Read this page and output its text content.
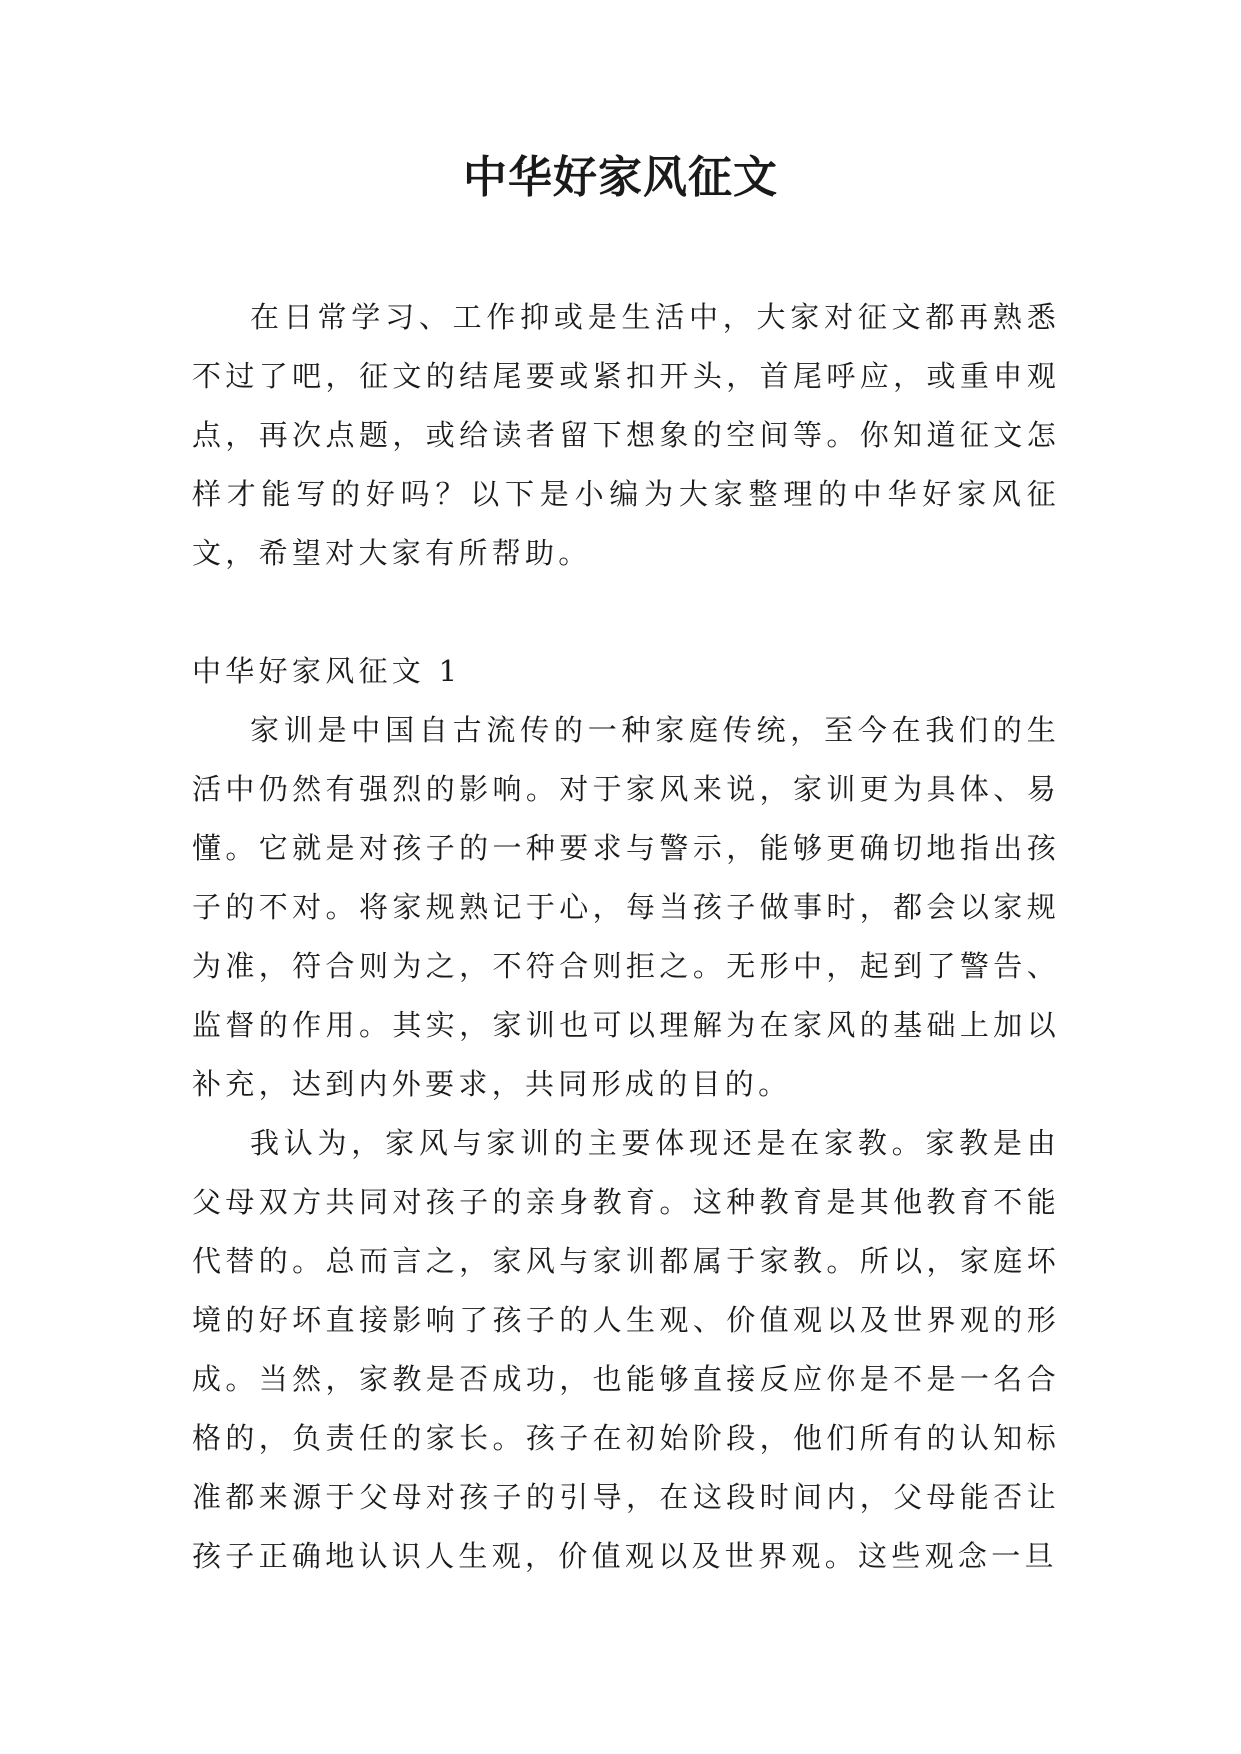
中华好家风征文

在日常学习、工作抑或是生活中，大家对征文都再熟悉不过了吧，征文的结尾要或紧扣开头，首尾呼应，或重申观点，再次点题，或给读者留下想象的空间等。你知道征文怎样才能写的好吗？以下是小编为大家整理的中华好家风征文，希望对大家有所帮助。

中华好家风征文 1

家训是中国自古流传的一种家庭传统，至今在我们的生活中仍然有强烈的影响。对于家风来说，家训更为具体、易懂。它就是对孩子的一种要求与警示，能够更确切地指出孩子的不对。将家规熟记于心，每当孩子做事时，都会以家规为准，符合则为之，不符合则拒之。无形中，起到了警告、监督的作用。其实，家训也可以理解为在家风的基础上加以补充，达到内外要求，共同形成的目的。

我认为，家风与家训的主要体现还是在家教。家教是由父母双方共同对孩子的亲身教育。这种教育是其他教育不能代替的。总而言之，家风与家训都属于家教。所以，家庭坏境的好坏直接影响了孩子的人生观、价值观以及世界观的形成。当然，家教是否成功，也能够直接反应你是不是一名合格的，负责任的家长。孩子在初始阶段，他们所有的认知标准都来源于父母对孩子的引导，在这段时间内，父母能否让孩子正确地认识人生观，价值观以及世界观。这些观念一旦
